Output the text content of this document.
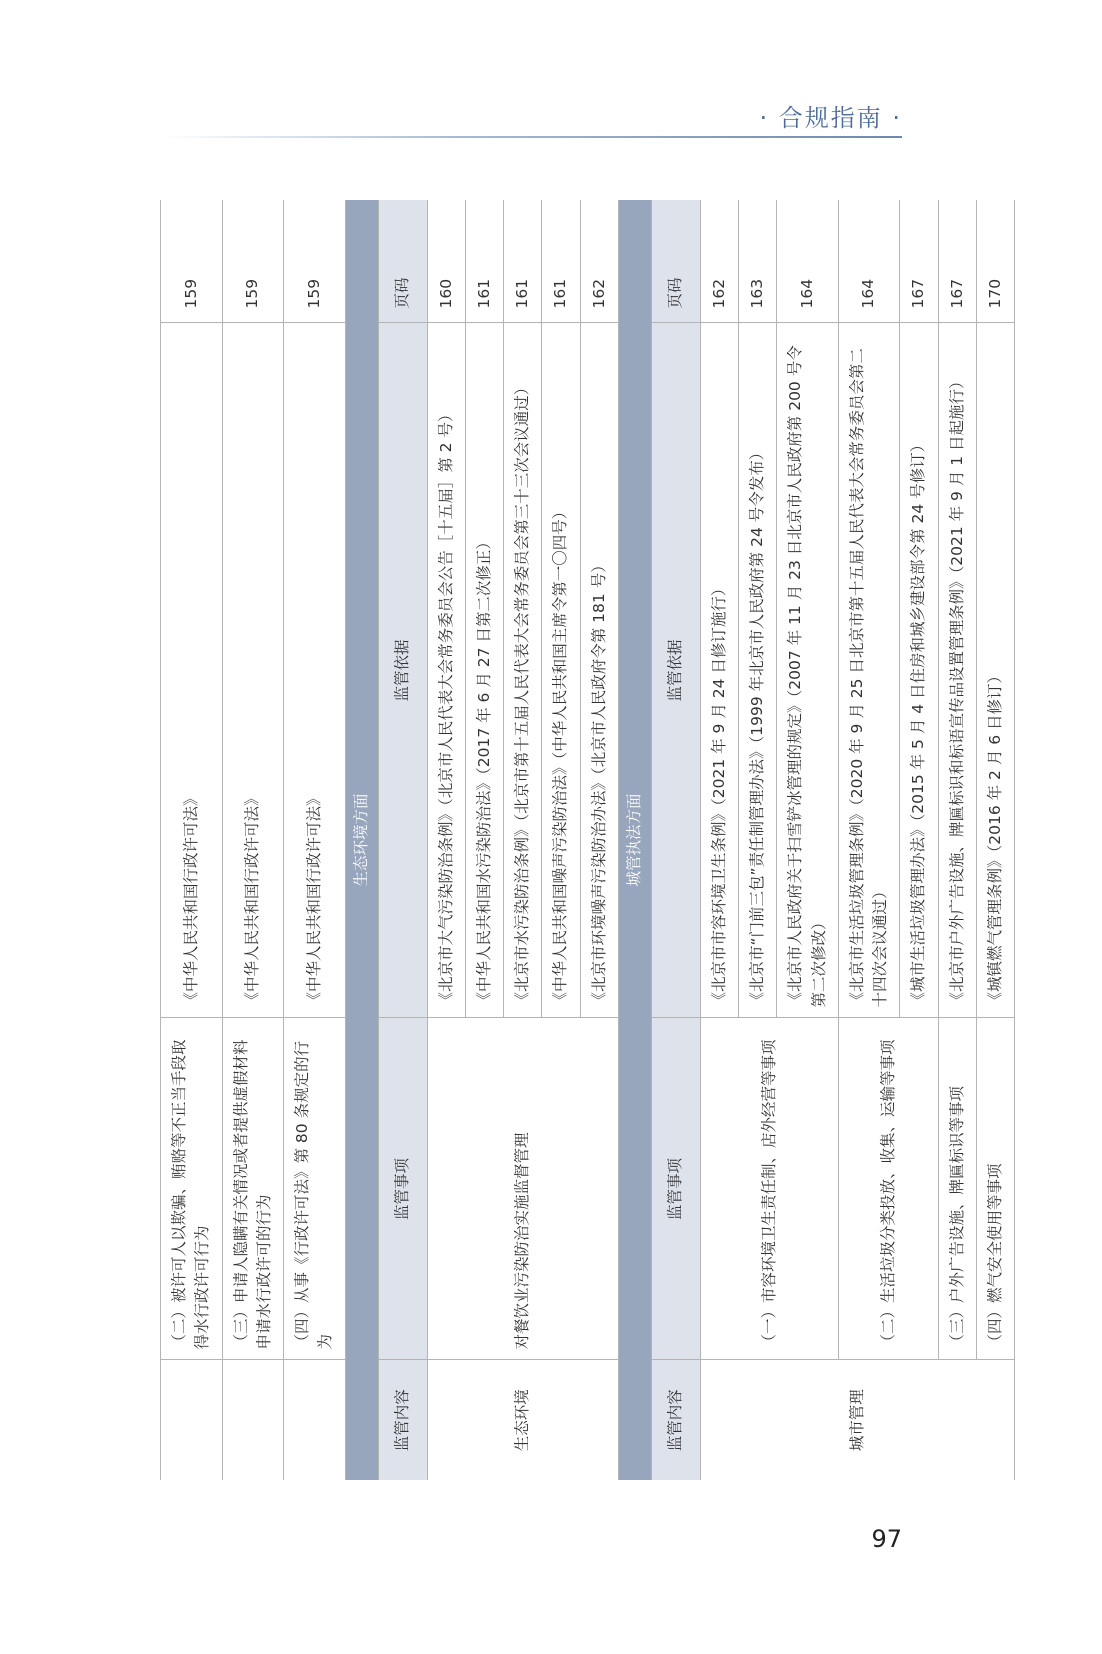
· 合规指南 ·
	（二）被许可人以欺骗、贿赂等不正当手段取得水行政许可行为	《中华人民共和国行政许可法》	159
	（三）申请人隐瞒有关情况或者提供虚假材料申请水行政许可的行为	《中华人民共和国行政许可法》	159
	（四）从事《行政许可法》第 80 条规定的行为	《中华人民共和国行政许可法》	159
生态环境方面			
监管内容	监管事项	监管依据	页码
生态环境	对餐饮业污染防治实施监督管理	《北京市大气污染防治条例》（北京市人民代表大会常务委员会公告［十五届］第 2 号）	160
		《中华人民共和国水污染防治法》（2017 年 6 月 27 日第二次修正）	161
		《北京市水污染防治条例》（北京市第十五届人民代表大会常务委员会第三十三次会议通过）	161
		《中华人民共和国噪声污染防治法》（中华人民共和国主席令第一〇四号）	161
		《北京市环境噪声污染防治办法》（北京市人民政府令第 181 号）	162
城管执法方面			
监管内容	监管事项	监管依据	页码
城市管理	（一）市容环境卫生责任制、店外经营等事项	《北京市市容环境卫生条例》（2021 年 9 月 24 日修订施行）	162
		《北京市“门前三包”责任制管理办法》（1999 年北京市人民政府第 24 号令发布）	163
		《北京市人民政府关于扫雪铲冰管理的规定》（2007 年 11 月 23 日北京市人民政府第 200 号令第二次修改）	164
	（二）生活垃圾分类投放、收集、运输等事项	《北京市生活垃圾管理条例》（2020 年 9 月 25 日北京市第十五届人民代表大会常务委员会第二十四次会议通过）	164
		《城市生活垃圾管理办法》（2015 年 5 月 4 日住房和城乡建设部令第 24 号修订）	167
	（三）户外广告设施、牌匾标识等事项	《北京市户外广告设施、牌匾标识和标语宣传品设置管理条例》（2021 年 9 月 1 日起施行）	167
	（四）燃气安全使用等事项	《城镇燃气管理条例》（2016 年 2 月 6 日修订）	170
97
